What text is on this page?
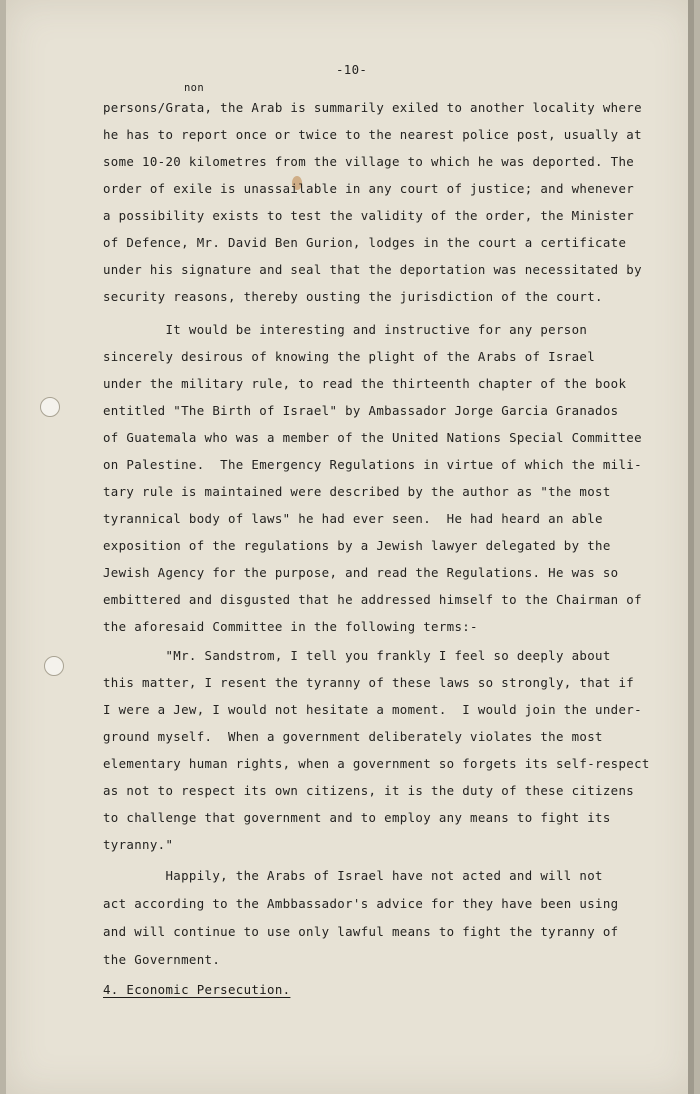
-10-
non
persons/Grata, the Arab is summarily exiled to another locality where
he has to report once or twice to the nearest police post, usually at
some 10-20 kilometres from the village to which he was deported. The
order of exile is unassailable in any court of justice; and whenever
a possibility exists to test the validity of the order, the Minister
of Defence, Mr. David Ben Gurion, lodges in the court a certificate
under his signature and seal that the deportation was necessitated by
security reasons, thereby ousting the jurisdiction of the court.
It would be interesting and instructive for any person
sincerely desirous of knowing the plight of the Arabs of Israel
under the military rule, to read the thirteenth chapter of the book
entitled "The Birth of Israel" by Ambassador Jorge Garcia Granados
of Guatemala who was a member of the United Nations Special Committee
on Palestine.  The Emergency Regulations in virtue of which the mili-
tary rule is maintained were described by the author as "the most
tyrannical body of laws" he had ever seen.  He had heard an able
exposition of the regulations by a Jewish lawyer delegated by the
Jewish Agency for the purpose, and read the Regulations. He was so
embittered and disgusted that he addressed himself to the Chairman of
the aforesaid Committee in the following terms:-
"Mr. Sandstrom, I tell you frankly I feel so deeply about
this matter, I resent the tyranny of these laws so strongly, that if
I were a Jew, I would not hesitate a moment.  I would join the under-
ground myself.  When a government deliberately violates the most
elementary human rights, when a government so forgets its self-respect
as not to respect its own citizens, it is the duty of these citizens
to challenge that government and to employ any means to fight its
tyranny."
Happily, the Arabs of Israel have not acted and will not
act according to the Ambbassador's advice for they have been using
and will continue to use only lawful means to fight the tyranny of
the Government.
4. Economic Persecution.
